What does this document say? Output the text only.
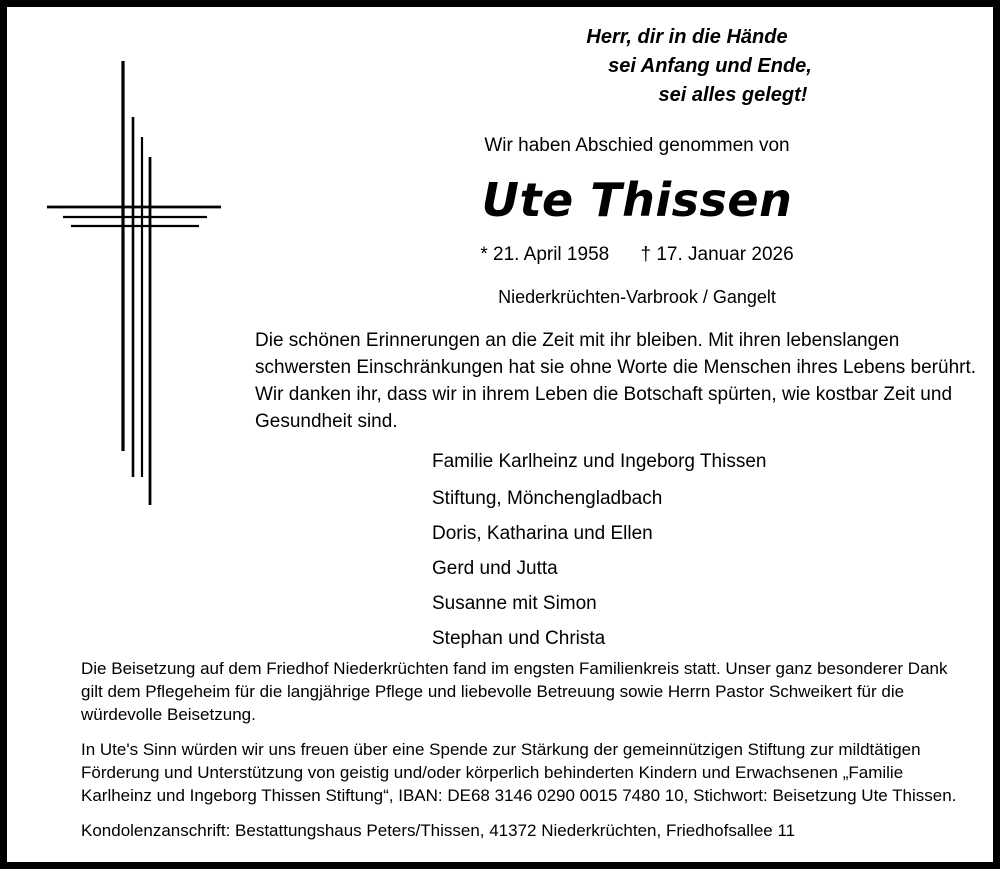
Herr, dir in die Hände
sei Anfang und Ende,
sei alles gelegt!
Wir haben Abschied genommen von
Ute Thissen
* 21. April 1958 † 17. Januar 2026
Niederkrüchten-Varbrook / Gangelt
Die schönen Erinnerungen an die Zeit mit ihr bleiben. Mit ihren lebenslangen schwersten Einschränkungen hat sie ohne Worte die Menschen ihres Lebens berührt. Wir danken ihr, dass wir in ihrem Leben die Botschaft spürten, wie kostbar Zeit und Gesundheit sind.
Familie Karlheinz und Ingeborg Thissen
Stiftung, Mönchengladbach
Doris, Katharina und Ellen
Gerd und Jutta
Susanne mit Simon
Stephan und Christa

Die Beisetzung auf dem Friedhof Niederkrüchten fand im engsten Familienkreis statt. Unser ganz besonderer Dank gilt dem Pflegeheim für die langjährige Pflege und liebevolle Betreuung sowie Herrn Pastor Schweikert für die würdevolle Beisetzung.

In Ute's Sinn würden wir uns freuen über eine Spende zur Stärkung der gemeinnützigen Stiftung zur mildtätigen Förderung und Unterstützung von geistig und/oder körperlich behinderten Kindern und Erwachsenen „Familie Karlheinz und Ingeborg Thissen Stiftung“, IBAN: DE68 3146 0290 0015 7480 10, Stichwort: Beisetzung Ute Thissen.

Kondolenzanschrift: Bestattungshaus Peters/Thissen, 41372 Niederkrüchten, Friedhofsallee 11
